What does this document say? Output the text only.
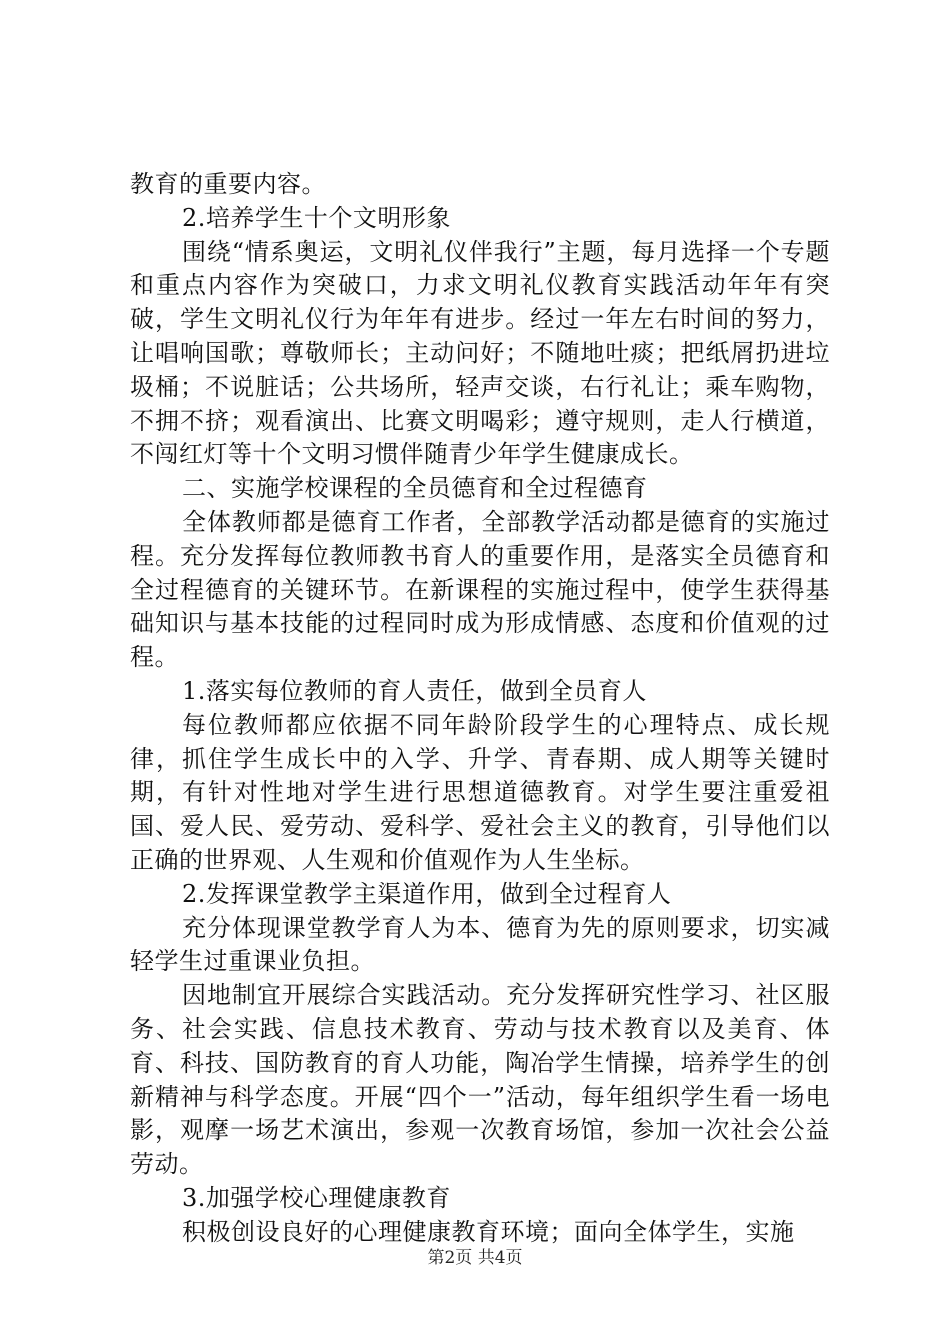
教育的重要内容。

2.培养学生十个文明形象

围绕“情系奥运，文明礼仪伴我行”主题，每月选择一个专题和重点内容作为突破口，力求文明礼仪教育实践活动年年有突破，学生文明礼仪行为年年有进步。经过一年左右时间的努力，让唱响国歌；尊敬师长；主动问好；不随地吐痰；把纸屑扔进垃圾桶；不说脏话；公共场所，轻声交谈，右行礼让；乘车购物，不拥不挤；观看演出、比赛文明喝彩；遵守规则，走人行横道，不闯红灯等十个文明习惯伴随青少年学生健康成长。

二、实施学校课程的全员德育和全过程德育

全体教师都是德育工作者，全部教学活动都是德育的实施过程。充分发挥每位教师教书育人的重要作用，是落实全员德育和全过程德育的关键环节。在新课程的实施过程中，使学生获得基础知识与基本技能的过程同时成为形成情感、态度和价值观的过程。

1.落实每位教师的育人责任，做到全员育人

每位教师都应依据不同年龄阶段学生的心理特点、成长规律，抓住学生成长中的入学、升学、青春期、成人期等关键时期，有针对性地对学生进行思想道德教育。对学生要注重爱祖国、爱人民、爱劳动、爱科学、爱社会主义的教育，引导他们以正确的世界观、人生观和价值观作为人生坐标。

2.发挥课堂教学主渠道作用，做到全过程育人

充分体现课堂教学育人为本、德育为先的原则要求，切实减轻学生过重课业负担。

因地制宜开展综合实践活动。充分发挥研究性学习、社区服务、社会实践、信息技术教育、劳动与技术教育以及美育、体育、科技、国防教育的育人功能，陶冶学生情操，培养学生的创新精神与科学态度。开展“四个一”活动，每年组织学生看一场电影，观摩一场艺术演出，参观一次教育场馆，参加一次社会公益劳动。

3.加强学校心理健康教育

积极创设良好的心理健康教育环境；面向全体学生，实施

第2页 共4页
